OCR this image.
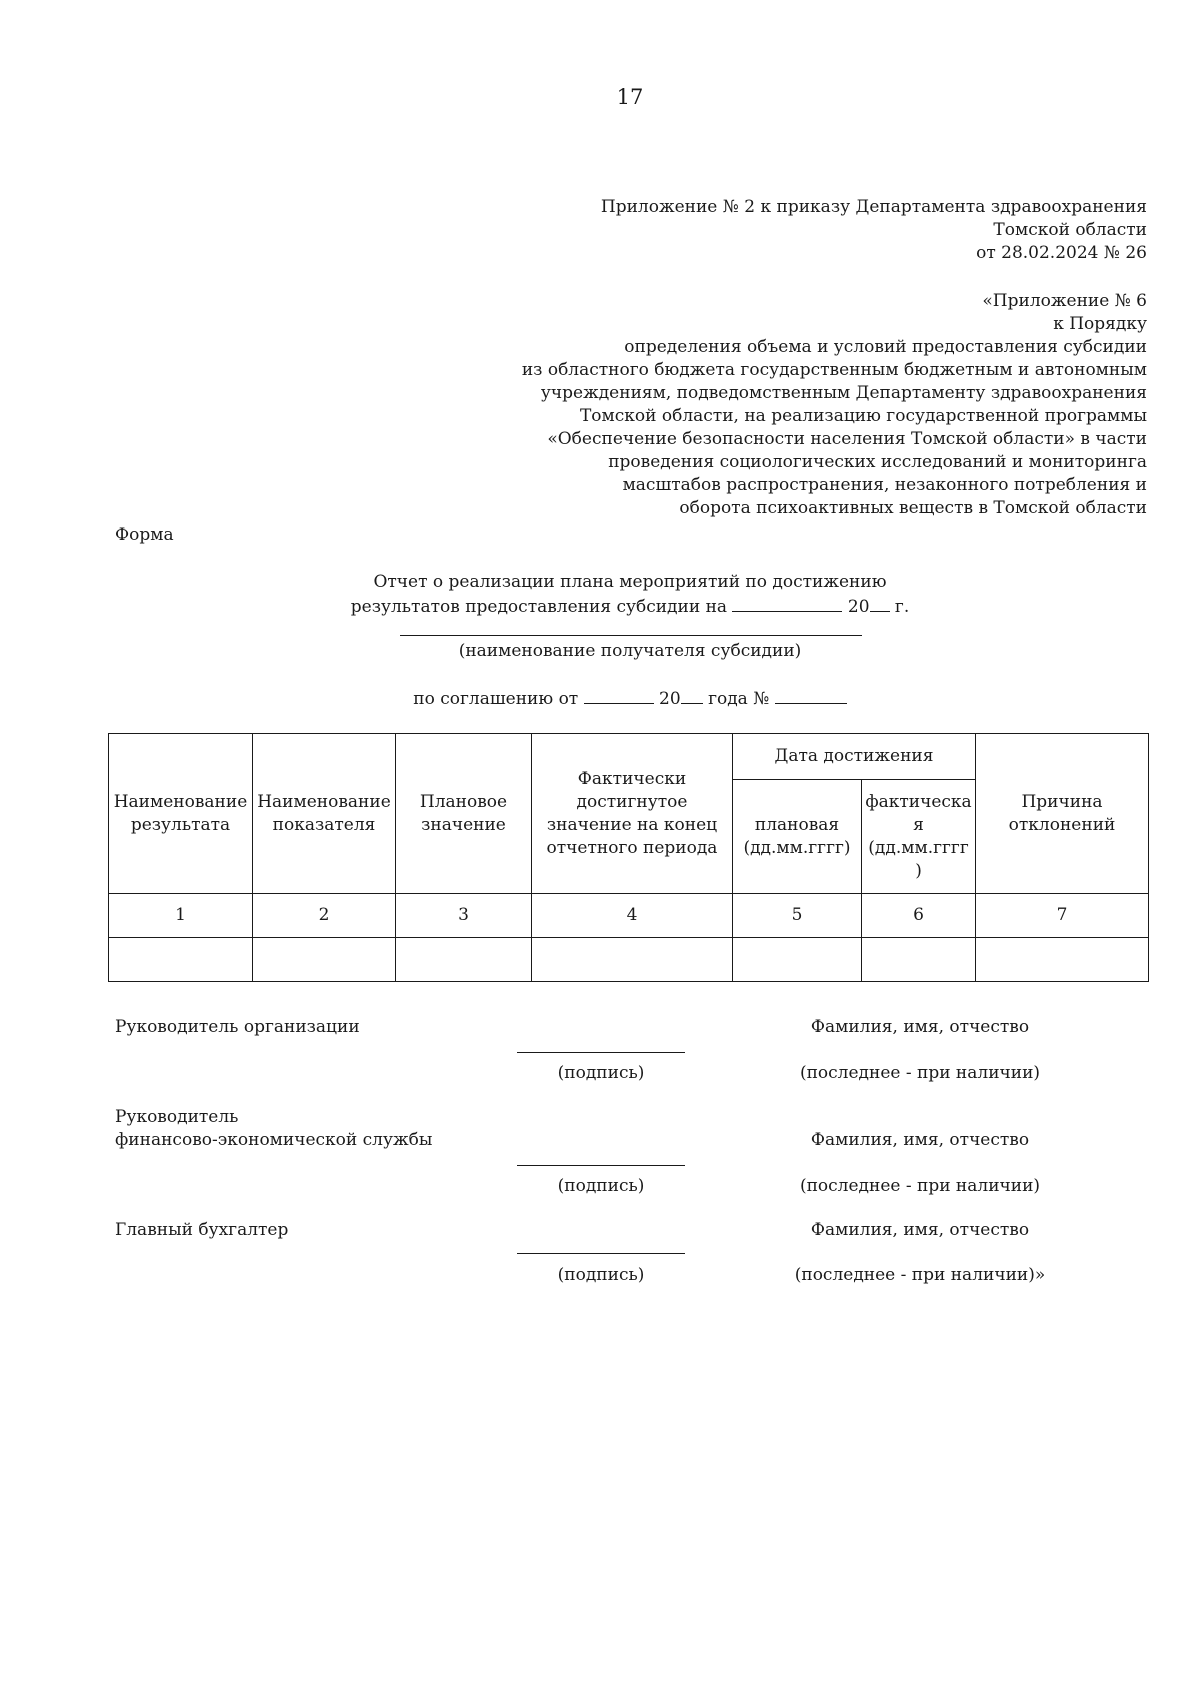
17
Приложение № 2 к приказу Департамента здравоохранения
Томской области
от 28.02.2024 № 26
«Приложение № 6
к Порядку
определения объема и условий предоставления субсидии
из областного бюджета государственным бюджетным и автономным
учреждениям, подведомственным Департаменту здравоохранения
Томской области, на реализацию государственной программы
«Обеспечение безопасности населения Томской области» в части
проведения социологических исследований и мониторинга
масштабов распространения, незаконного потребления и
оборота психоактивных веществ в Томской области
Форма
Отчет о реализации плана мероприятий по достижению
результатов предоставления субсидии на	20 г.
(наименование получателя субсидии)
по соглашению от	20 года №
Наименование результата	Наименование показателя	Плановое значение	Фактически достигнутое значение на конец отчетного периода	Дата достижения		Причина отклонений
				плановая (дд.мм.гггг)	фактическа я (дд.мм.гггг )	
1	2	3	4	5	6	7

Руководитель организации	Фамилия, имя, отчество
(подпись)	(последнее - при наличии)
Руководитель
финансово-экономической службы	Фамилия, имя, отчество
(подпись)	(последнее - при наличии)
Главный бухгалтер	Фамилия, имя, отчество
(подпись)	(последнее - при наличии)»
